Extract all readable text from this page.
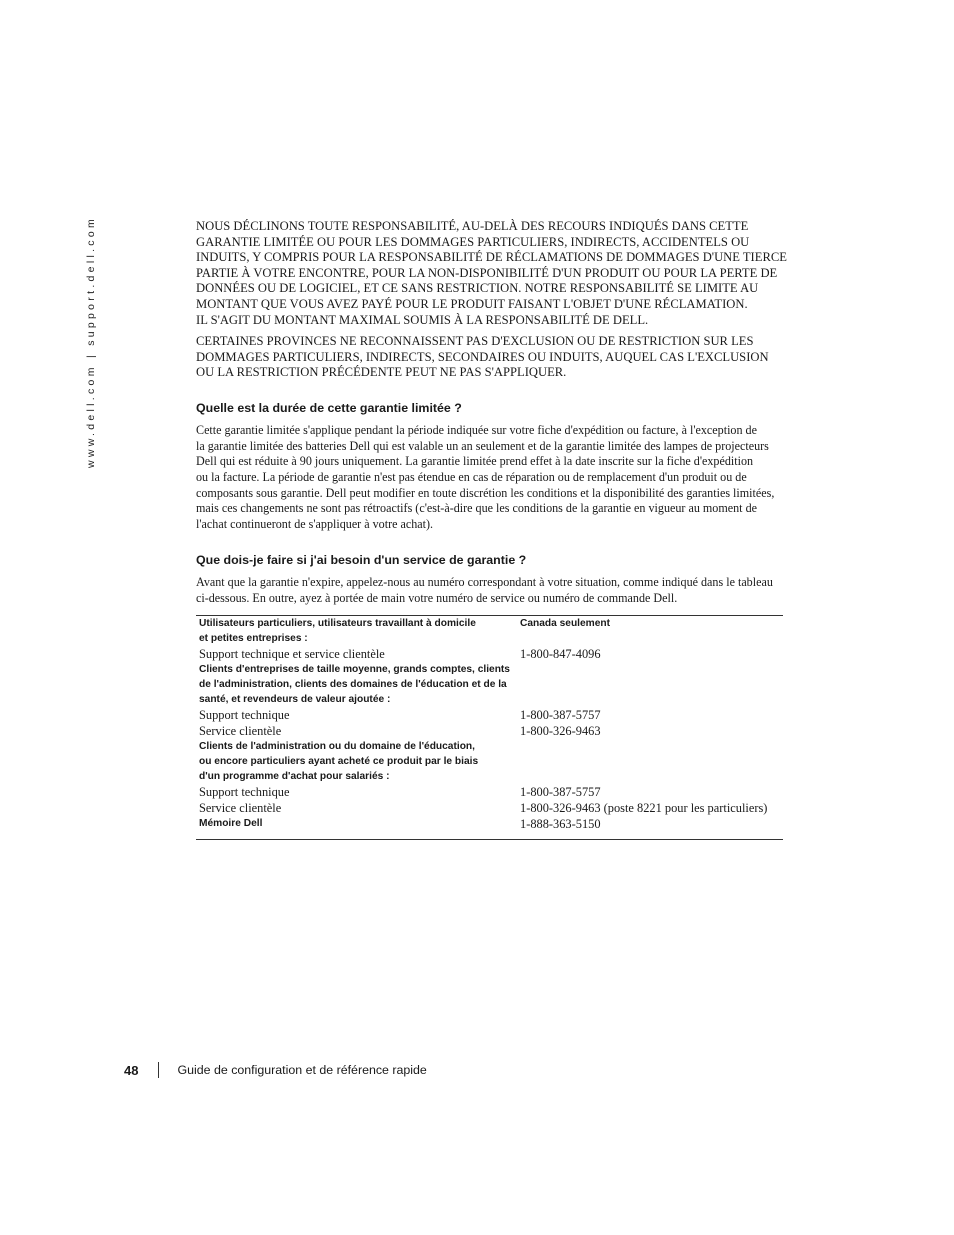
www.dell.com | support.dell.com	NOUS DÉCLINONS TOUTE RESPONSABILITÉ, AU-DELÀ DES RECOURS INDIQUÉS DANS CETTE
GARANTIE LIMITÉE OU POUR LES DOMMAGES PARTICULIERS, INDIRECTS, ACCIDENTELS OU
INDUITS, Y COMPRIS POUR LA RESPONSABILITÉ DE RÉCLAMATIONS DE DOMMAGES D'UNE TIERCE
PARTIE À VOTRE ENCONTRE, POUR LA NON-DISPONIBILITÉ D'UN PRODUIT OU POUR LA PERTE DE
DONNÉES OU DE LOGICIEL, ET CE SANS RESTRICTION. NOTRE RESPONSABILITÉ SE LIMITE AU
MONTANT QUE VOUS AVEZ PAYÉ POUR LE PRODUIT FAISANT L'OBJET D'UNE RÉCLAMATION.
IL S'AGIT DU MONTANT MAXIMAL SOUMIS À LA RESPONSABILITÉ DE DELL.

CERTAINES PROVINCES NE RECONNAISSENT PAS D'EXCLUSION OU DE RESTRICTION SUR LES
DOMMAGES PARTICULIERS, INDIRECTS, SECONDAIRES OU INDUITS, AUQUEL CAS L'EXCLUSION
OU LA RESTRICTION PRÉCÉDENTE PEUT NE PAS S'APPLIQUER.

Quelle est la durée de cette garantie limitée ?

Cette garantie limitée s'applique pendant la période indiquée sur votre fiche d'expédition ou facture, à l'exception de
la garantie limitée des batteries Dell qui est valable un an seulement et de la garantie limitée des lampes de projecteurs
Dell qui est réduite à 90 jours uniquement. La garantie limitée prend effet à la date inscrite sur la fiche d'expédition
ou la facture. La période de garantie n'est pas étendue en cas de réparation ou de remplacement d'un produit ou de
composants sous garantie. Dell peut modifier en toute discrétion les conditions et la disponibilité des garanties limitées,
mais ces changements ne sont pas rétroactifs (c'est-à-dire que les conditions de la garantie en vigueur au moment de
l'achat continueront de s'appliquer à votre achat).

Que dois-je faire si j'ai besoin d'un service de garantie ?

Avant que la garantie n'expire, appelez-nous au numéro correspondant à votre situation, comme indiqué dans le tableau
ci-dessous. En outre, ayez à portée de main votre numéro de service ou numéro de commande Dell.

Utilisateurs particuliers, utilisateurs travaillant à domicile
et petites entreprises :	Canada seulement
Support technique et service clientèle	1-800-847-4096
Clients d'entreprises de taille moyenne, grands comptes, clients
de l'administration, clients des domaines de l'éducation et de la
santé, et revendeurs de valeur ajoutée :	
Support technique	1-800-387-5757
Service clientèle	1-800-326-9463
Clients de l'administration ou du domaine de l'éducation,
ou encore particuliers ayant acheté ce produit par le biais
d'un programme d'achat pour salariés :	
Support technique	1-800-387-5757
Service clientèle	1-800-326-9463 (poste 8221 pour les particuliers)
Mémoire Dell	1-888-363-5150
48	Guide de configuration et de référence rapide
